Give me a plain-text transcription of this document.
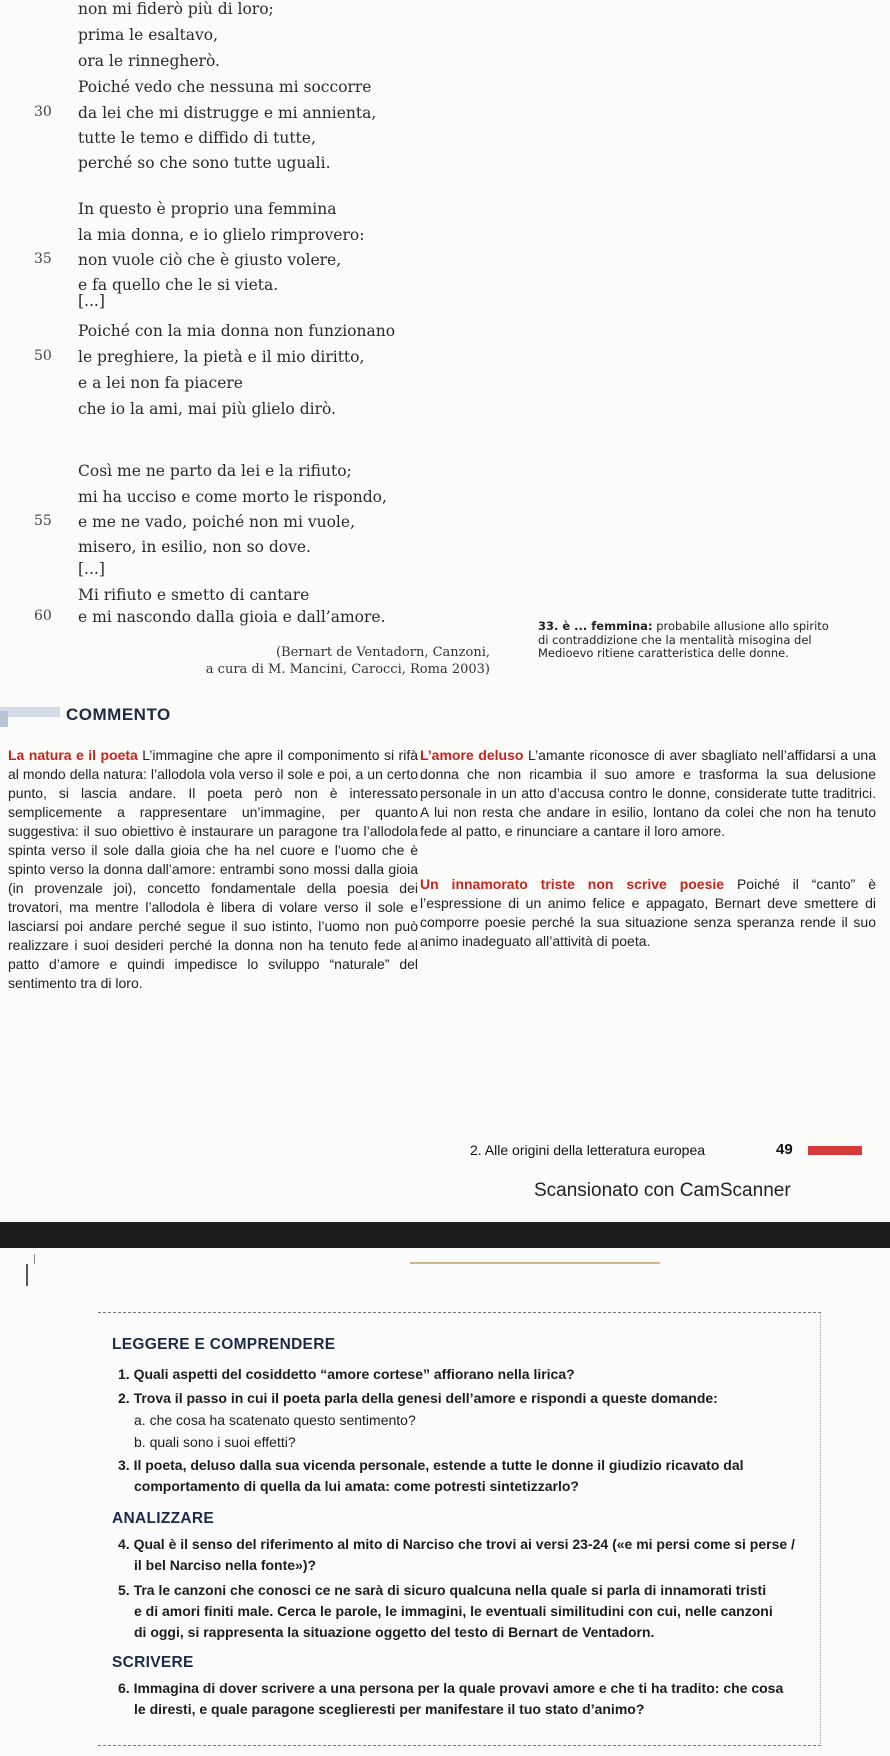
non mi fiderò più di loro;
prima le esaltavo,
ora le rinnegherò.
Poiché vedo che nessuna mi soccorre
30 da lei che mi distrugge e mi annienta,
tutte le temo e diffido di tutte,
perché so che sono tutte uguali.
In questo è proprio una femmina
la mia donna, e io glielo rimprovero:
35 non vuole ciò che è giusto volere,
e fa quello che le si vieta.
[...]
Poiché con la mia donna non funzionano
50 le preghiere, la pietà e il mio diritto,
e a lei non fa piacere
che io la ami, mai più glielo dirò.
Così me ne parto da lei e la rifiuto;
mi ha ucciso e come morto le rispondo,
55 e me ne vado, poiché non mi vuole,
misero, in esilio, non so dove.
[...]
Mi rifiuto e smetto di cantare
60 e mi nascondo dalla gioia e dall’amore.
(Bernart de Ventadorn, Canzoni,
a cura di M. Mancini, Carocci, Roma 2003)
33. è ... femmina: probabile allusione allo spirito di contraddizione che la mentalità misogina del Medioevo ritiene caratteristica delle donne.
COMMENTO

La natura e il poeta L’immagine che apre il componimento si rifà al mondo della natura: l’allodola vola verso il sole e poi, a un certo punto, si lascia andare. Il poeta però non è interessato semplicemente a rappresentare un’immagine, per quanto suggestiva: il suo obiettivo è instaurare un paragone tra l’allodola spinta verso il sole dalla gioia che ha nel cuore e l’uomo che è spinto verso la donna dall’amore: entrambi sono mossi dalla gioia (in provenzale joi), concetto fondamentale della poesia dei trovatori, ma mentre l’allodola è libera di volare verso il sole e lasciarsi poi andare perché segue il suo istinto, l’uomo non può realizzare i suoi desideri perché la donna non ha tenuto fede al patto d’amore e quindi impedisce lo sviluppo “naturale” del sentimento tra di loro.

L’amore deluso L’amante riconosce di aver sbagliato nell’affidarsi a una donna che non ricambia il suo amore e trasforma la sua delusione personale in un atto d’accusa contro le donne, considerate tutte traditrici. A lui non resta che andare in esilio, lontano da colei che non ha tenuto fede al patto, e rinunciare a cantare il loro amore.

Un innamorato triste non scrive poesie Poiché il “canto” è l’espressione di un animo felice e appagato, Bernart deve smettere di comporre poesie perché la sua situazione senza speranza rende il suo animo inadeguato all’attività di poeta.

2. Alle origini della letteratura europea	49
Scansionato con CamScanner
LEGGERE E COMPRENDERE
1. Quali aspetti del cosiddetto “amore cortese” affiorano nella lirica?
2. Trova il passo in cui il poeta parla della genesi dell’amore e rispondi a queste domande:
a. che cosa ha scatenato questo sentimento?
b. quali sono i suoi effetti?
3. Il poeta, deluso dalla sua vicenda personale, estende a tutte le donne il giudizio ricavato dal
comportamento di quella da lui amata: come potresti sintetizzarlo?
ANALIZZARE
4. Qual è il senso del riferimento al mito di Narciso che trovi ai versi 23-24 («e mi persi come si perse /
il bel Narciso nella fonte»)?
5. Tra le canzoni che conosci ce ne sarà di sicuro qualcuna nella quale si parla di innamorati tristi
e di amori finiti male. Cerca le parole, le immagini, le eventuali similitudini con cui, nelle canzoni
di oggi, si rappresenta la situazione oggetto del testo di Bernart de Ventadorn.
SCRIVERE
6. Immagina di dover scrivere a una persona per la quale provavi amore e che ti ha tradito: che cosa
le diresti, e quale paragone sceglieresti per manifestare il tuo stato d’animo?
